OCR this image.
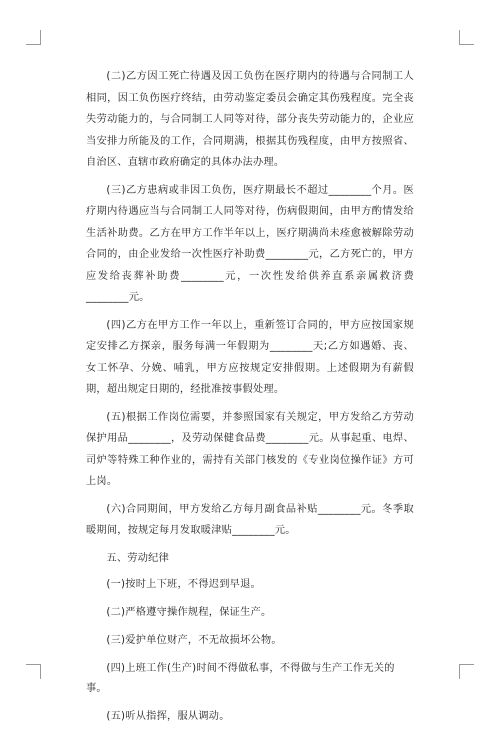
(二)乙方因工死亡待遇及因工负伤在医疗期内的待遇与合同制工人相同，因工负伤医疗终结，由劳动鉴定委员会确定其伤残程度。完全丧失劳动能力的，与合同制工人同等对待，部分丧失劳动能力的，企业应当安排力所能及的工作，合同期满，根据其伤残程度，由甲方按照省、自治区、直辖市政府确定的具体办法办理。

(三)乙方患病或非因工负伤，医疗期最长不超过________个月。医疗期内待遇应当与合同制工人同等对待，伤病假期间，由甲方酌情发给生活补助费。乙方在甲方工作半年以上，医疗期满尚未痊愈被解除劳动合同的，由企业发给一次性医疗补助费________元，乙方死亡的，甲方应发给丧葬补助费________元，一次性发给供养直系亲属救济费________元。

(四)乙方在甲方工作一年以上，重新签订合同的，甲方应按国家规定安排乙方探亲，服务每满一年假期为________天;乙方如遇婚、丧、女工怀孕、分娩、哺乳，甲方应按规定安排假期。上述假期为有薪假期，超出规定日期的，经批准按事假处理。

(五)根据工作岗位需要，并参照国家有关规定，甲方发给乙方劳动保护用品________，及劳动保健食品费________元。从事起重、电焊、司炉等特殊工种作业的，需持有关部门核发的《专业岗位操作证》方可上岗。

(六)合同期间，甲方发给乙方每月副食品补贴________元。冬季取暖期间，按规定每月发取暖津贴________元。

五、劳动纪律

(一)按时上下班，不得迟到早退。

(二)严格遵守操作规程，保证生产。

(三)爱护单位财产，不无故损坏公物。

(四)上班工作(生产)时间不得做私事，不得做与生产工作无关的事。

(五)听从指挥，服从调动。
